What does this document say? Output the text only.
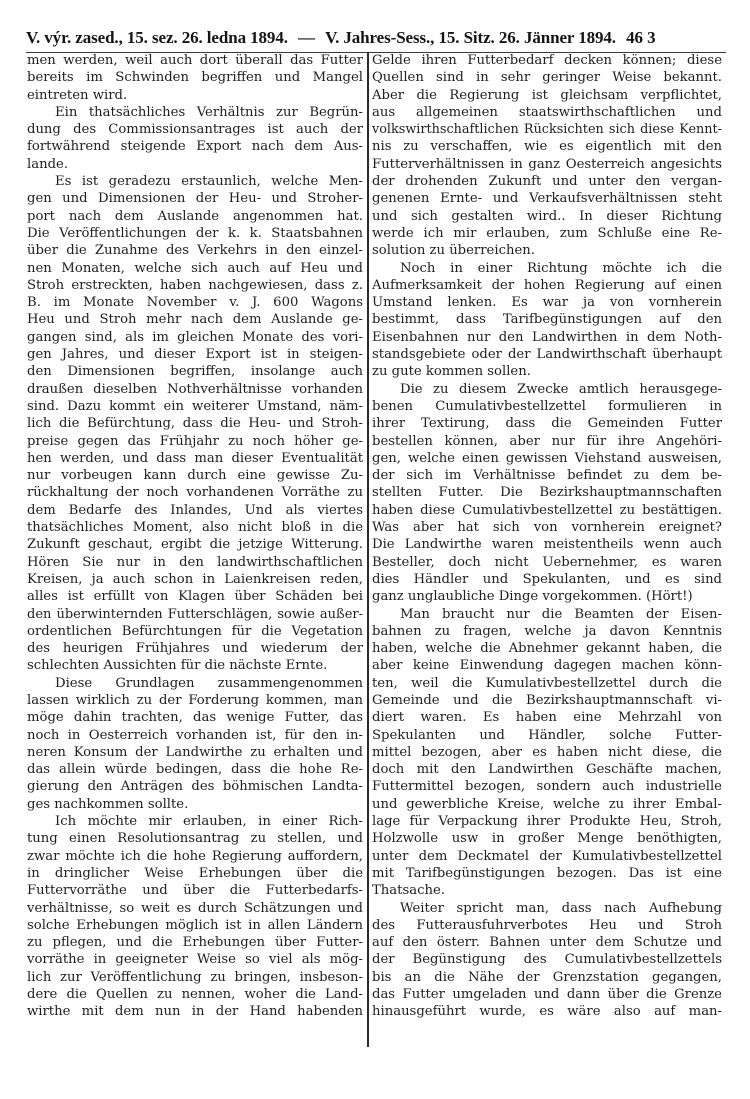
V. výr. zased., 15. sez. 26. ledna 1894. — V. Jahres-Sess., 15. Sitz. 26. Jänner 1894. 46 3
men werden, weil auch dort überall das Futter
bereits im Schwinden begriffen und Mangel
eintreten wird.
Ein thatsächliches Verhältnis zur Begrün-
dung des Commissionsantrages ist auch der
fortwährend steigende Export nach dem Aus-
lande.
Es ist geradezu erstaunlich, welche Men-
gen und Dimensionen der Heu- und Stroher-
port nach dem Auslande angenommen hat.
Die Veröffentlichungen der k. k. Staatsbahnen
über die Zunahme des Verkehrs in den einzel-
nen Monaten, welche sich auch auf Heu und
Stroh erstreckten, haben nachgewiesen, dass z.
B. im Monate November v. J. 600 Wagons
Heu und Stroh mehr nach dem Auslande ge-
gangen sind, als im gleichen Monate des vori-
gen Jahres, und dieser Export ist in steigen-
den Dimensionen begriffen, insolange auch
draußen dieselben Nothverhältnisse vorhanden
sind. Dazu kommt ein weiterer Umstand, näm-
lich die Befürchtung, dass die Heu- und Stroh-
preise gegen das Frühjahr zu noch höher ge-
hen werden, und dass man dieser Eventualität
nur vorbeugen kann durch eine gewisse Zu-
rückhaltung der noch vorhandenen Vorräthe zu
dem Bedarfe des Inlandes, Und als viertes
thatsächliches Moment, also nicht bloß in die
Zukunft geschaut, ergibt die jetzige Witterung.
Hören Sie nur in den landwirthschaftlichen
Kreisen, ja auch schon in Laienkreisen reden,
alles ist erfüllt von Klagen über Schäden bei
den überwinternden Futterschlägen, sowie außer-
ordentlichen Befürchtungen für die Vegetation
des heurigen Frühjahres und wiederum der
schlechten Aussichten für die nächste Ernte.
Diese Grundlagen zusammengenommen
lassen wirklich zu der Forderung kommen, man
möge dahin trachten, das wenige Futter, das
noch in Oesterreich vorhanden ist, für den in-
neren Konsum der Landwirthe zu erhalten und
das allein würde bedingen, dass die hohe Re-
gierung den Anträgen des böhmischen Landta-
ges nachkommen sollte.
Ich möchte mir erlauben, in einer Rich-
tung einen Resolutionsantrag zu stellen, und
zwar möchte ich die hohe Regierung auffordern,
in dringlicher Weise Erhebungen über die
Futtervorräthe und über die Futterbedarfs-
verhältnisse, so weit es durch Schätzungen und
solche Erhebungen möglich ist in allen Ländern
zu pflegen, und die Erhebungen über Futter-
vorräthe in geeigneter Weise so viel als mög-
lich zur Veröffentlichung zu bringen, insbeson-
dere die Quellen zu nennen, woher die Land-
wirthe mit dem nun in der Hand habenden
Gelde ihren Futterbedarf decken können; diese
Quellen sind in sehr geringer Weise bekannt.
Aber die Regierung ist gleichsam verpflichtet,
aus allgemeinen staatswirthschaftlichen und
volkswirthschaftlichen Rücksichten sich diese Kennt-
nis zu verschaffen, wie es eigentlich mit den
Futterverhältnissen in ganz Oesterreich angesichts
der drohenden Zukunft und unter den vergan-
genenen Ernte- und Verkaufsverhältnissen steht
und sich gestalten wird.. In dieser Richtung
werde ich mir erlauben, zum Schluße eine Re-
solution zu überreichen.
Noch in einer Richtung möchte ich die
Aufmerksamkeit der hohen Regierung auf einen
Umstand lenken. Es war ja von vornherein
bestimmt, dass Tarifbegünstigungen auf den
Eisenbahnen nur den Landwirthen in dem Noth-
standsgebiete oder der Landwirthschaft überhaupt
zu gute kommen sollen.
Die zu diesem Zwecke amtlich herausgege-
benen Cumulativbestellzettel formulieren in
ihrer Textirung, dass die Gemeinden Futter
bestellen können, aber nur für ihre Angehöri-
gen, welche einen gewissen Viehstand ausweisen,
der sich im Verhältnisse befindet zu dem be-
stellten Futter. Die Bezirkshauptmannschaften
haben diese Cumulativbestellzettel zu bestättigen.
Was aber hat sich von vornherein ereignet?
Die Landwirthe waren meistentheils wenn auch
Besteller, doch nicht Uebernehmer, es waren
dies Händler und Spekulanten, und es sind
ganz unglaubliche Dinge vorgekommen. (Hört!)
Man braucht nur die Beamten der Eisen-
bahnen zu fragen, welche ja davon Kenntnis
haben, welche die Abnehmer gekannt haben, die
aber keine Einwendung dagegen machen könn-
ten, weil die Kumulativbestellzettel durch die
Gemeinde und die Bezirkshauptmannschaft vi-
diert waren. Es haben eine Mehrzahl von
Spekulanten und Händler, solche Futter-
mittel bezogen, aber es haben nicht diese, die
doch mit den Landwirthen Geschäfte machen,
Futtermittel bezogen, sondern auch industrielle
und gewerbliche Kreise, welche zu ihrer Embal-
lage für Verpackung ihrer Produkte Heu, Stroh,
Holzwolle usw in großer Menge benöthigten,
unter dem Deckmatel der Kumulativbestellzettel
mit Tarifbegünstigungen bezogen. Das ist eine
Thatsache.
Weiter spricht man, dass nach Aufhebung
des Futterausfuhrverbotes Heu und Stroh
auf den österr. Bahnen unter dem Schutze und
der Begünstigung des Cumulativbestellzettels
bis an die Nähe der Grenzstation gegangen,
das Futter umgeladen und dann über die Grenze
hinausgeführt wurde, es wäre also auf man-
